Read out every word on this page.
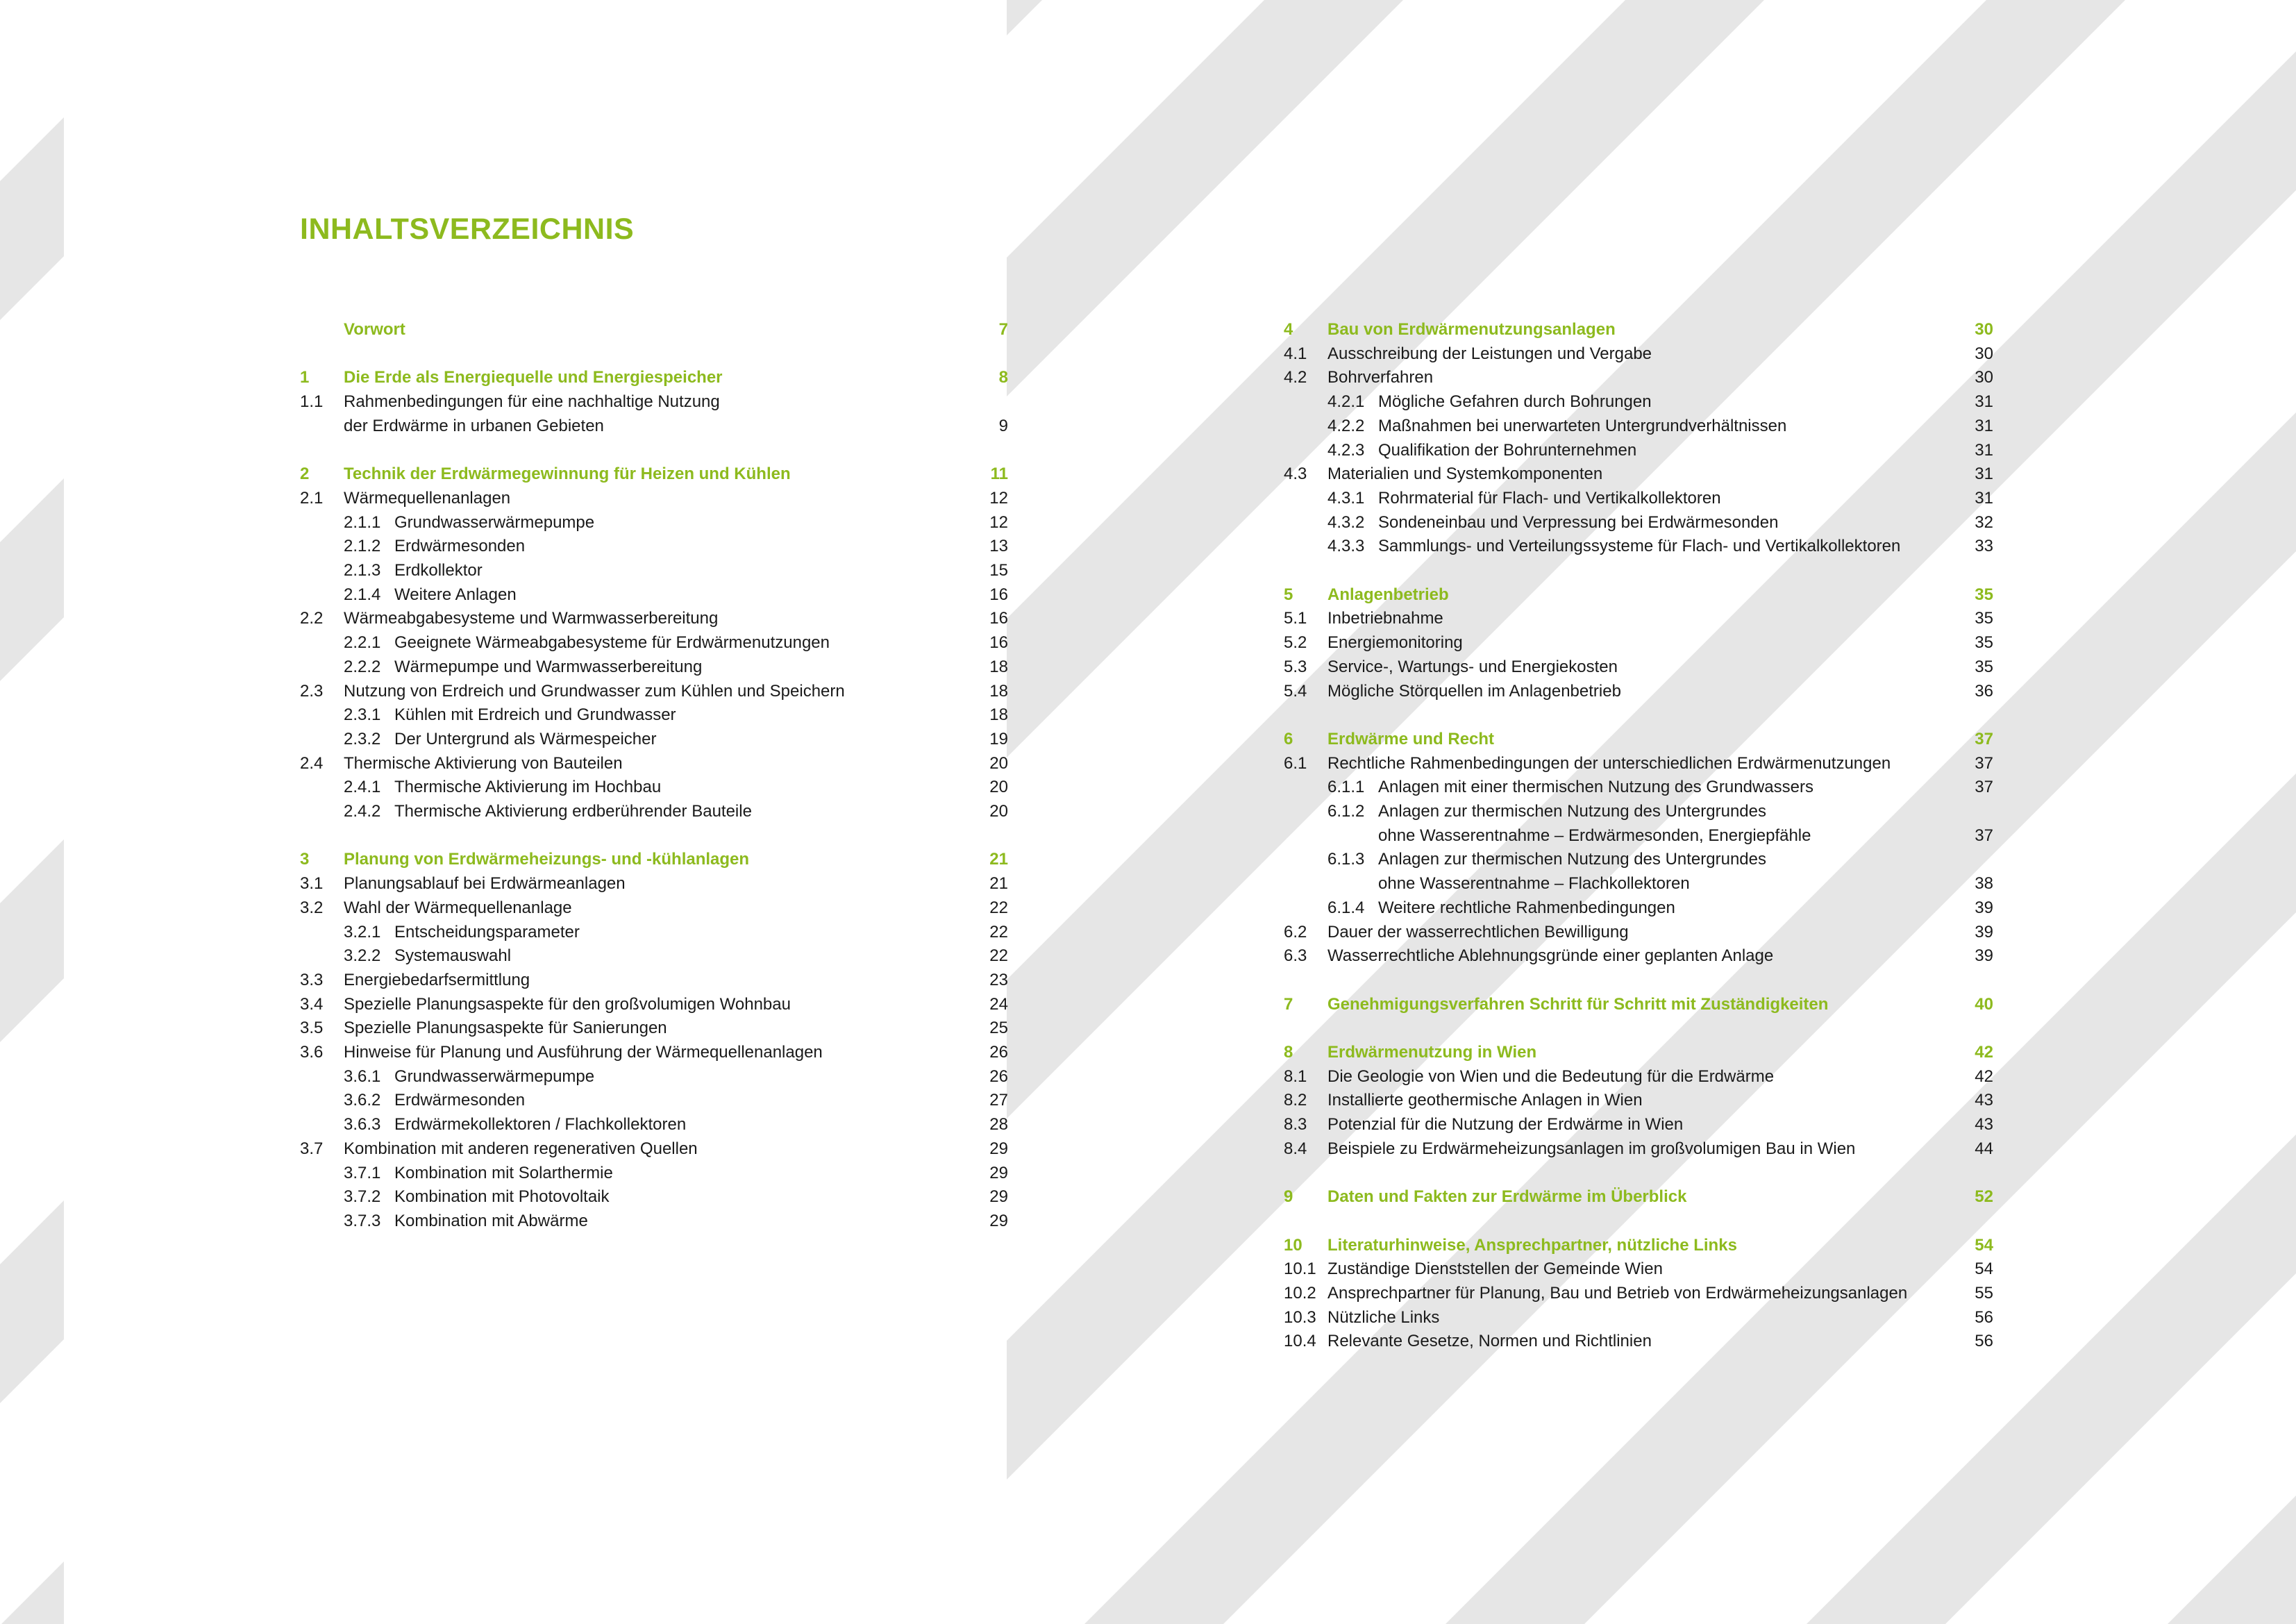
INHALTSVERZEICHNIS
Vorwort	7
1 Die Erde als Energiequelle und Energiespeicher	8
1.1 Rahmenbedingungen für eine nachhaltige Nutzung
der Erdwärme in urbanen Gebieten	9
2 Technik der Erdwärmegewinnung für Heizen und Kühlen	11
2.1 Wärmequellenanlagen	12
2.1.1 Grundwasserwärmepumpe	12
2.1.2 Erdwärmesonden	13
2.1.3 Erdkollektor	15
2.1.4 Weitere Anlagen	16
2.2 Wärmeabgabesysteme und Warmwasserbereitung	16
2.2.1 Geeignete Wärmeabgabesysteme für Erdwärmenutzungen	16
2.2.2 Wärmepumpe und Warmwasserbereitung	18
2.3 Nutzung von Erdreich und Grundwasser zum Kühlen und Speichern	18
2.3.1 Kühlen mit Erdreich und Grundwasser	18
2.3.2 Der Untergrund als Wärmespeicher	19
2.4 Thermische Aktivierung von Bauteilen	20
2.4.1 Thermische Aktivierung im Hochbau	20
2.4.2 Thermische Aktivierung erdberührender Bauteile	20
3 Planung von Erdwärmeheizungs- und -kühlanlagen	21
3.1 Planungsablauf bei Erdwärmeanlagen	21
3.2 Wahl der Wärmequellenanlage	22
3.2.1 Entscheidungsparameter	22
3.2.2 Systemauswahl	22
3.3 Energiebedarfsermittlung	23
3.4 Spezielle Planungsaspekte für den großvolumigen Wohnbau	24
3.5 Spezielle Planungsaspekte für Sanierungen	25
3.6 Hinweise für Planung und Ausführung der Wärmequellenanlagen	26
3.6.1 Grundwasserwärmepumpe	26
3.6.2 Erdwärmesonden	27
3.6.3 Erdwärmekollektoren / Flachkollektoren	28
3.7 Kombination mit anderen regenerativen Quellen	29
3.7.1 Kombination mit Solarthermie	29
3.7.2 Kombination mit Photovoltaik	29
3.7.3 Kombination mit Abwärme	29
4 Bau von Erdwärmenutzungsanlagen	30
4.1 Ausschreibung der Leistungen und Vergabe	30
4.2 Bohrverfahren	30
4.2.1 Mögliche Gefahren durch Bohrungen	31
4.2.2 Maßnahmen bei unerwarteten Untergrundverhältnissen	31
4.2.3 Qualifikation der Bohrunternehmen	31
4.3 Materialien und Systemkomponenten	31
4.3.1 Rohrmaterial für Flach- und Vertikalkollektoren	31
4.3.2 Sondeneinbau und Verpressung bei Erdwärmesonden	32
4.3.3 Sammlungs- und Verteilungssysteme für Flach- und Vertikalkollektoren	33
5 Anlagenbetrieb	35
5.1 Inbetriebnahme	35
5.2 Energiemonitoring	35
5.3 Service-, Wartungs- und Energiekosten	35
5.4 Mögliche Störquellen im Anlagenbetrieb	36
6 Erdwärme und Recht	37
6.1 Rechtliche Rahmenbedingungen der unterschiedlichen Erdwärmenutzungen	37
6.1.1 Anlagen mit einer thermischen Nutzung des Grundwassers	37
6.1.2 Anlagen zur thermischen Nutzung des Untergrundes
ohne Wasserentnahme – Erdwärmesonden, Energiepfähle	37
6.1.3 Anlagen zur thermischen Nutzung des Untergrundes
ohne Wasserentnahme – Flachkollektoren	38
6.1.4 Weitere rechtliche Rahmenbedingungen	39
6.2 Dauer der wasserrechtlichen Bewilligung	39
6.3 Wasserrechtliche Ablehnungsgründe einer geplanten Anlage	39
7 Genehmigungsverfahren Schritt für Schritt mit Zuständigkeiten	40
8 Erdwärmenutzung in Wien	42
8.1 Die Geologie von Wien und die Bedeutung für die Erdwärme	42
8.2 Installierte geothermische Anlagen in Wien	43
8.3 Potenzial für die Nutzung der Erdwärme in Wien	43
8.4 Beispiele zu Erdwärmeheizungsanlagen im großvolumigen Bau in Wien	44
9 Daten und Fakten zur Erdwärme im Überblick	52
10 Literaturhinweise, Ansprechpartner, nützliche Links	54
10.1 Zuständige Dienststellen der Gemeinde Wien	54
10.2 Ansprechpartner für Planung, Bau und Betrieb von Erdwärmeheizungsanlagen	55
10.3 Nützliche Links	56
10.4 Relevante Gesetze, Normen und Richtlinien	56
